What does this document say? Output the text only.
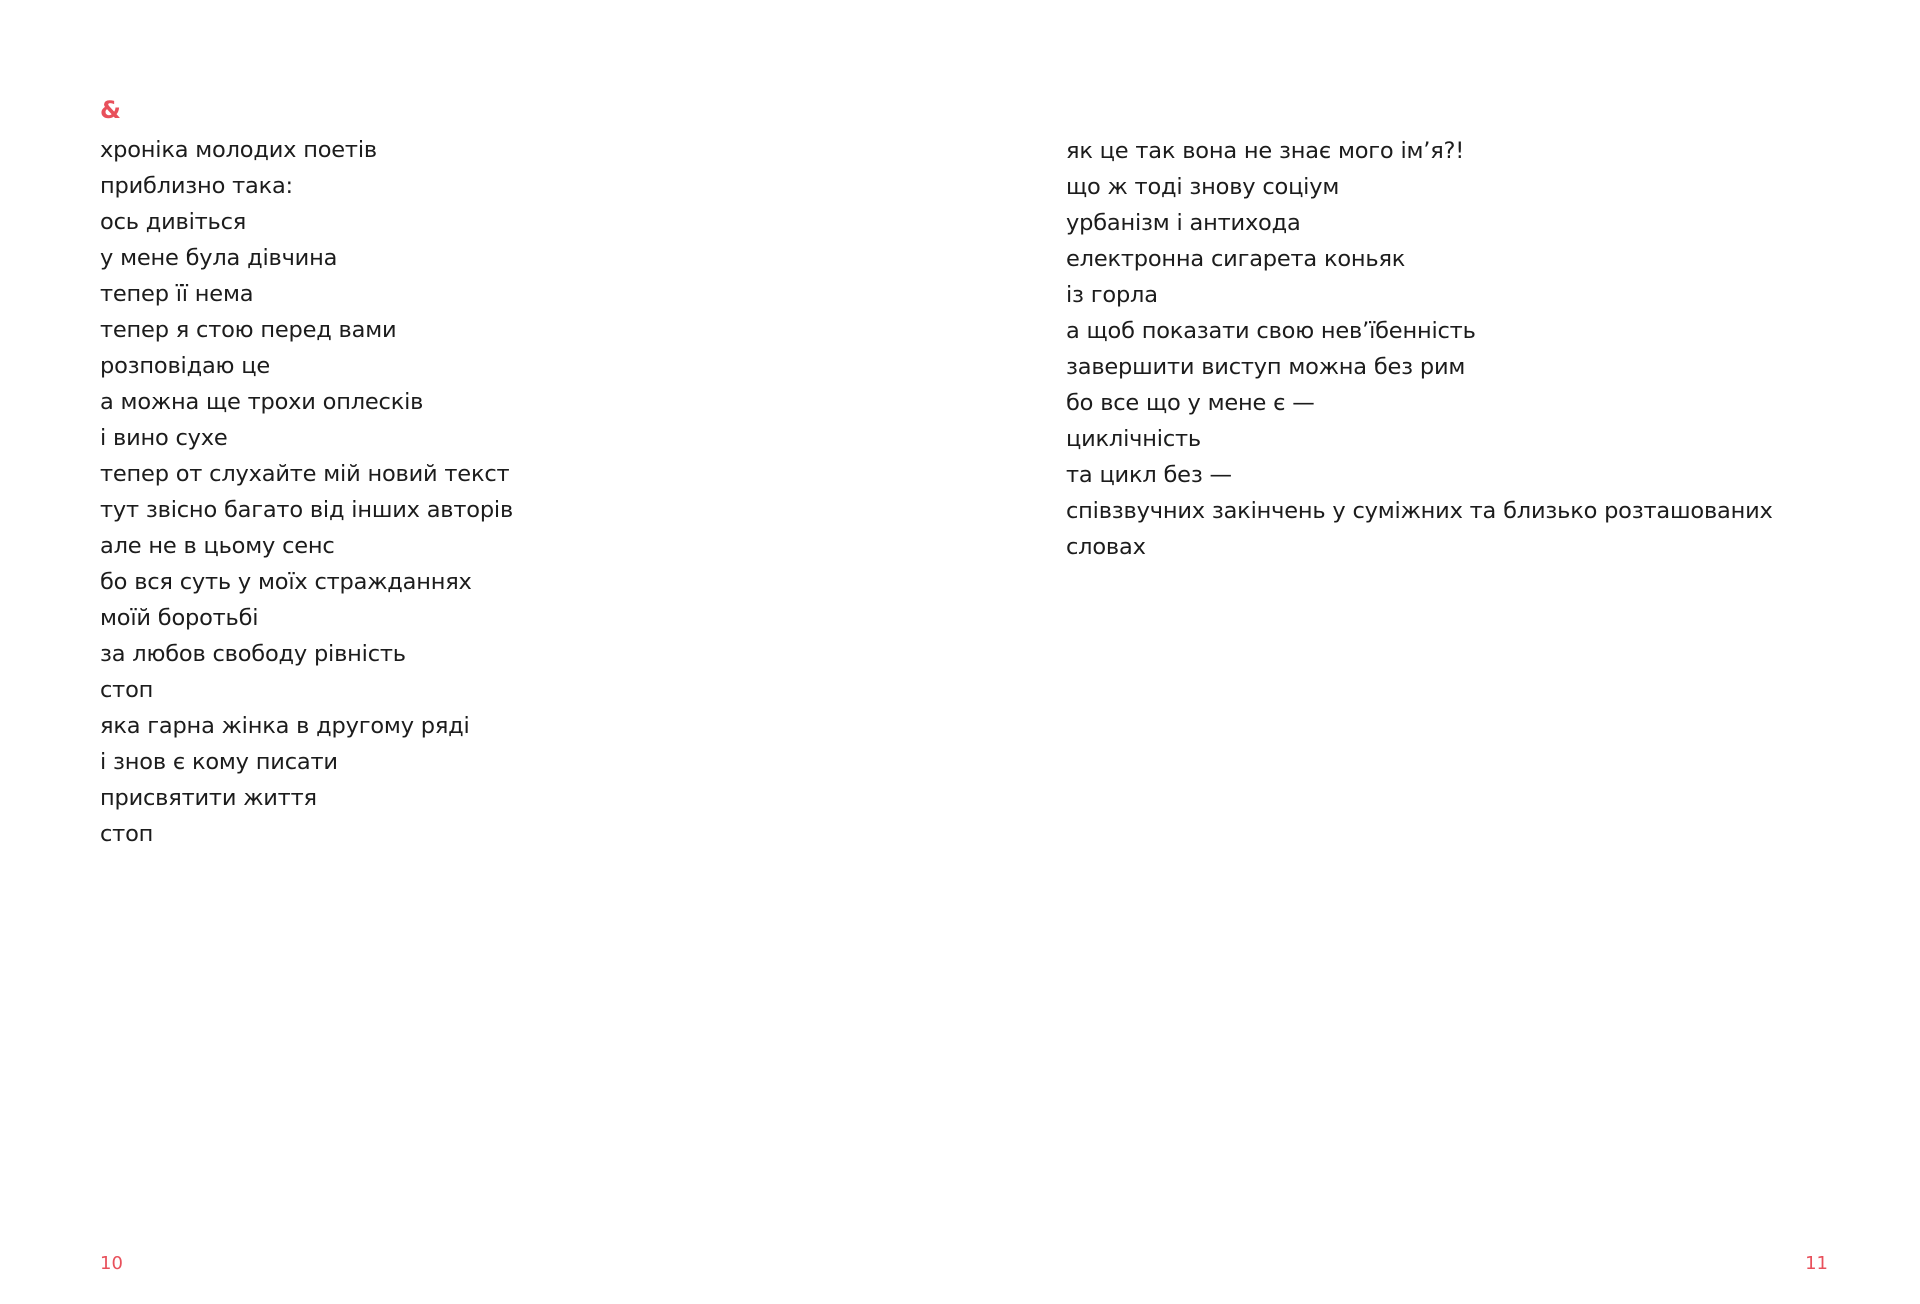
&
хроніка молодих поетів
приблизно така:
ось дивіться
у мене була дівчина
тепер її нема
тепер я стою перед вами
розповідаю це
а можна ще трохи оплесків
і вино сухе
тепер от слухайте мій новий текст
тут звісно багато від інших авторів
але не в цьому сенс
бо вся суть у моїх стражданнях
моїй боротьбі
за любов свободу рівність
стоп
яка гарна жінка в другому ряді
і знов є кому писати
присвятити життя
стоп
10
як це так вона не знає мого ім’я?!
що ж тоді знову соціум
урбанізм і антихода
електронна сигарета коньяк
із горла
а щоб показати свою нев’їбенність
завершити виступ можна без рим
бо все що у мене є —
циклічність
та цикл без —
співзвучних закінчень у суміжних та близько розташованих
словах
11
